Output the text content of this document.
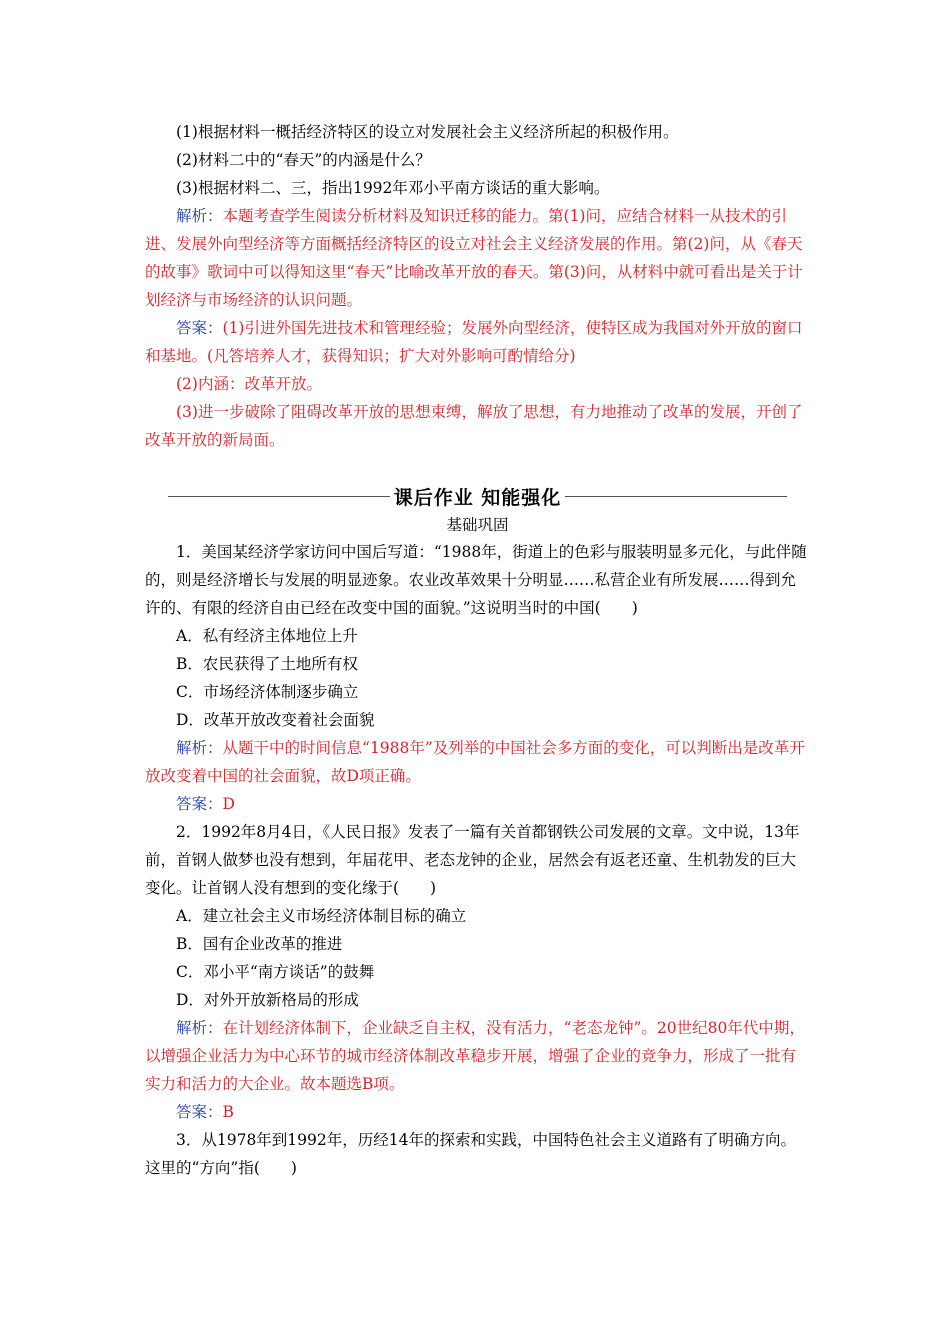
(1)根据材料一概括经济特区的设立对发展社会主义经济所起的积极作用。

(2)材料二中的“春天”的内涵是什么？

(3)根据材料二、三，指出1992年邓小平南方谈话的重大影响。

解析：本题考查学生阅读分析材料及知识迁移的能力。第(1)问，应结合材料一从技术的引进、发展外向型经济等方面概括经济特区的设立对社会主义经济发展的作用。第(2)问，从《春天的故事》歌词中可以得知这里“春天”比喻改革开放的春天。第(3)问，从材料中就可看出是关于计划经济与市场经济的认识问题。

答案：(1)引进外国先进技术和管理经验；发展外向型经济，使特区成为我国对外开放的窗口和基地。(凡答培养人才，获得知识；扩大对外影响可酌情给分)

(2)内涵：改革开放。

(3)进一步破除了阻碍改革开放的思想束缚，解放了思想，有力地推动了改革的发展，开创了改革开放的新局面。

课后作业 知能强化
基础巩固

1．美国某经济学家访问中国后写道：“1988年，街道上的色彩与服装明显多元化，与此伴随的，则是经济增长与发展的明显迹象。农业改革效果十分明显……私营企业有所发展……得到允许的、有限的经济自由已经在改变中国的面貌。”这说明当时的中国(　　)

A．私有经济主体地位上升

B．农民获得了土地所有权

C．市场经济体制逐步确立

D．改革开放改变着社会面貌

解析：从题干中的时间信息“1988年”及列举的中国社会多方面的变化，可以判断出是改革开放改变着中国的社会面貌，故D项正确。

答案：D

2．1992年8月4日，《人民日报》发表了一篇有关首都钢铁公司发展的文章。文中说，13年前，首钢人做梦也没有想到，年届花甲、老态龙钟的企业，居然会有返老还童、生机勃发的巨大变化。让首钢人没有想到的变化缘于(　　)

A．建立社会主义市场经济体制目标的确立

B．国有企业改革的推进

C．邓小平“南方谈话”的鼓舞

D．对外开放新格局的形成

解析：在计划经济体制下，企业缺乏自主权，没有活力，“老态龙钟”。20世纪80年代中期，以增强企业活力为中心环节的城市经济体制改革稳步开展，增强了企业的竞争力，形成了一批有实力和活力的大企业。故本题选B项。

答案：B

3．从1978年到1992年，历经14年的探索和实践，中国特色社会主义道路有了明确方向。这里的“方向”指(　　)
